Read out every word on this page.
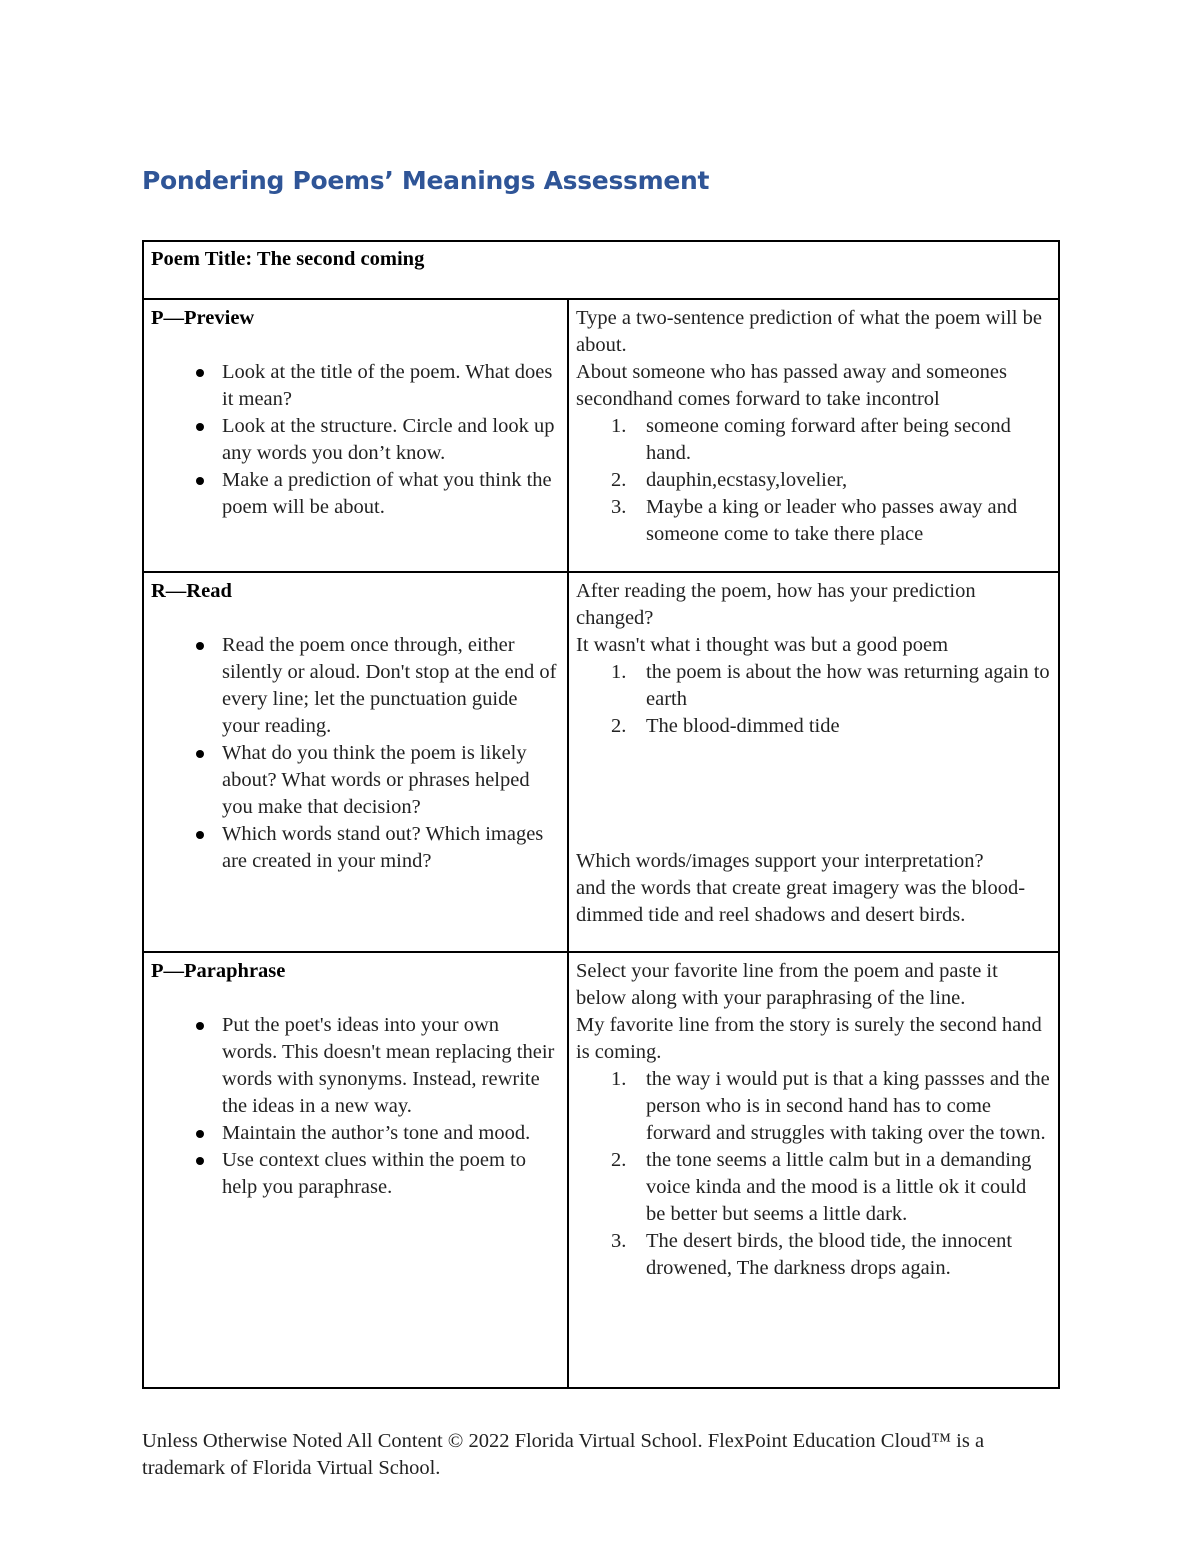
Pondering Poems’ Meanings Assessment
Poem Title: The second coming

P—Preview

Look at the title of the poem. What does it mean?
Look at the structure. Circle and look up any words you don’t know.
Make a prediction of what you think the poem will be about.

Type a two-sentence prediction of what the poem will be about.

About someone who has passed away and someones secondhand comes forward to take incontrol

1. someone coming forward after being second hand.
2. dauphin,ecstasy,lovelier,
3. Maybe a king or leader who passes away and someone come to take there place

R—Read

Read the poem once through, either silently or aloud. Don't stop at the end of every line; let the punctuation guide your reading.
What do you think the poem is likely about? What words or phrases helped you make that decision?
Which words stand out? Which images are created in your mind?

After reading the poem, how has your prediction changed?

It wasn't what i thought was but a good poem

1. the poem is about the how was returning again to earth
2. The blood-dimmed tide

Which words/images support your interpretation?

and the words that create great imagery was the blood-dimmed tide and reel shadows and desert birds.

P—Paraphrase

Put the poet's ideas into your own words. This doesn't mean replacing their words with synonyms. Instead, rewrite the ideas in a new way.
Maintain the author’s tone and mood.
Use context clues within the poem to help you paraphrase.

Select your favorite line from the poem and paste it below along with your paraphrasing of the line.

My favorite line from the story is surely the second hand is coming.

1. the way i would put is that a king passses and the person who is in second hand has to come forward and struggles with taking over the town.
2. the tone seems a little calm but in a demanding voice kinda and the mood is a little ok it could be better but seems a little dark.
3. The desert birds, the blood tide, the innocent drowened, The darkness drops again.
Unless Otherwise Noted All Content © 2022 Florida Virtual School. FlexPoint Education Cloud™ is a trademark of Florida Virtual School.
